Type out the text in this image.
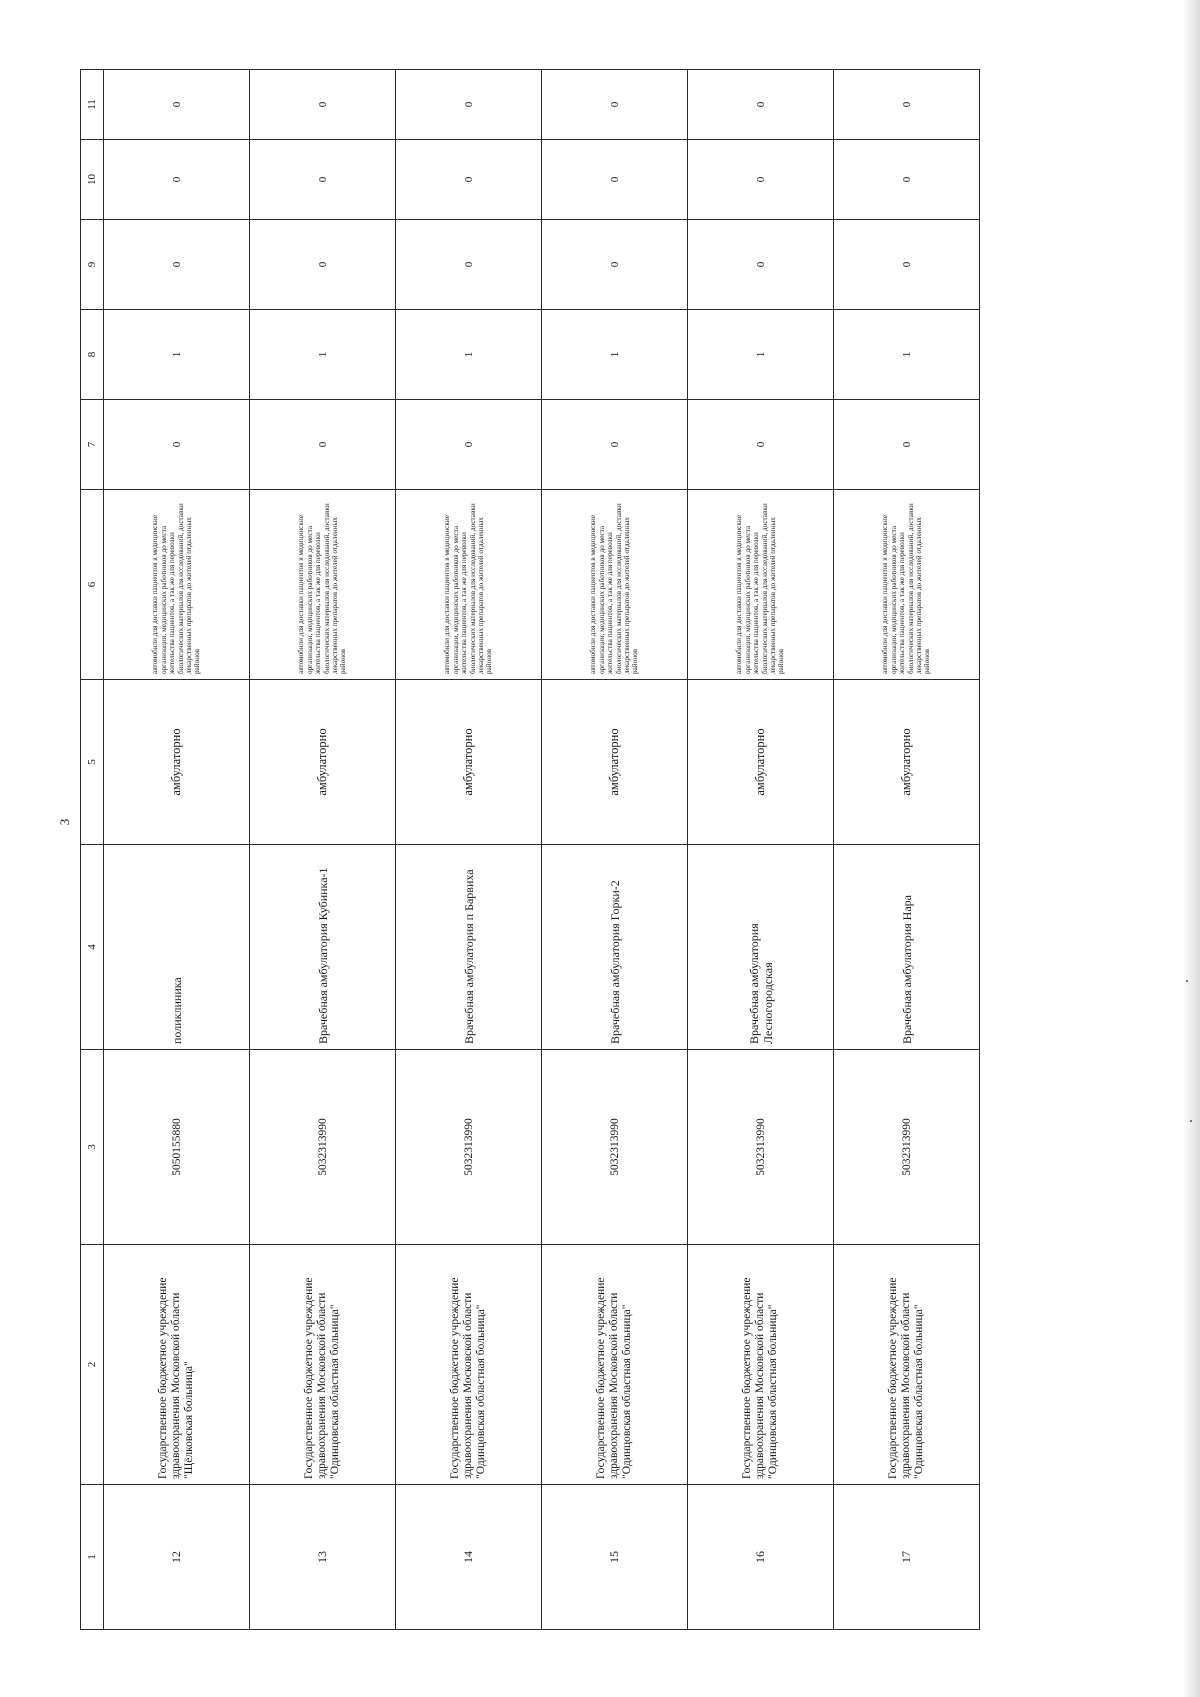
3
1	2	3	4	5	6	7	8	9	10	11
12	Государственное бюджетное учреждение здравоохранения Московской области "Щёлковская больница"	5050155880	поликлиника	амбулаторно	автомобили для доставки пациентов в медицинские организации, медицинских работников до места жительства пациентов, а так же для перевозки биологических материалов для исследований, доставки лекарственных препаратов до жителей отдаленных районов	0	1	0	0	0
13	Государственное бюджетное учреждение здравоохранения Московской области "Одинцовская областная больница"	5032313990	Врачебная амбулатория Кубинка-1	амбулаторно	автомобили для доставки пациентов в медицинские организации, медицинских работников до места жительства пациентов, а так же для перевозки биологических материалов для исследований, доставки лекарственных препаратов до жителей отдаленных районов	0	1	0	0	0
14	Государственное бюджетное учреждение здравоохранения Московской области "Одинцовская областная больница"	5032313990	Врачебная амбулатория п Барвиха	амбулаторно	автомобили для доставки пациентов в медицинские организации, медицинских работников до места жительства пациентов, а так же для перевозки биологических материалов для исследований, доставки лекарственных препаратов до жителей отдаленных районов	0	1	0	0	0
15	Государственное бюджетное учреждение здравоохранения Московской области "Одинцовская областная больница"	5032313990	Врачебная амбулатория Горки-2	амбулаторно	автомобили для доставки пациентов в медицинские организации, медицинских работников до места жительства пациентов, а так же для перевозки биологических материалов для исследований, доставки лекарственных препаратов до жителей отдаленных районов	0	1	0	0	0
16	Государственное бюджетное учреждение здравоохранения Московской области "Одинцовская областная больница"	5032313990	Врачебная амбулатория Лесногородская	амбулаторно	автомобили для доставки пациентов в медицинские организации, медицинских работников до места жительства пациентов, а так же для перевозки биологических материалов для исследований, доставки лекарственных препаратов до жителей отдаленных районов	0	1	0	0	0
17	Государственное бюджетное учреждение здравоохранения Московской области "Одинцовская областная больница"	5032313990	Врачебная амбулатория Нара	амбулаторно	автомобили для доставки пациентов в медицинские организации, медицинских работников до места жительства пациентов, а так же для перевозки биологических материалов для исследований, доставки лекарственных препаратов до жителей отдаленных районов	0	1	0	0	0
